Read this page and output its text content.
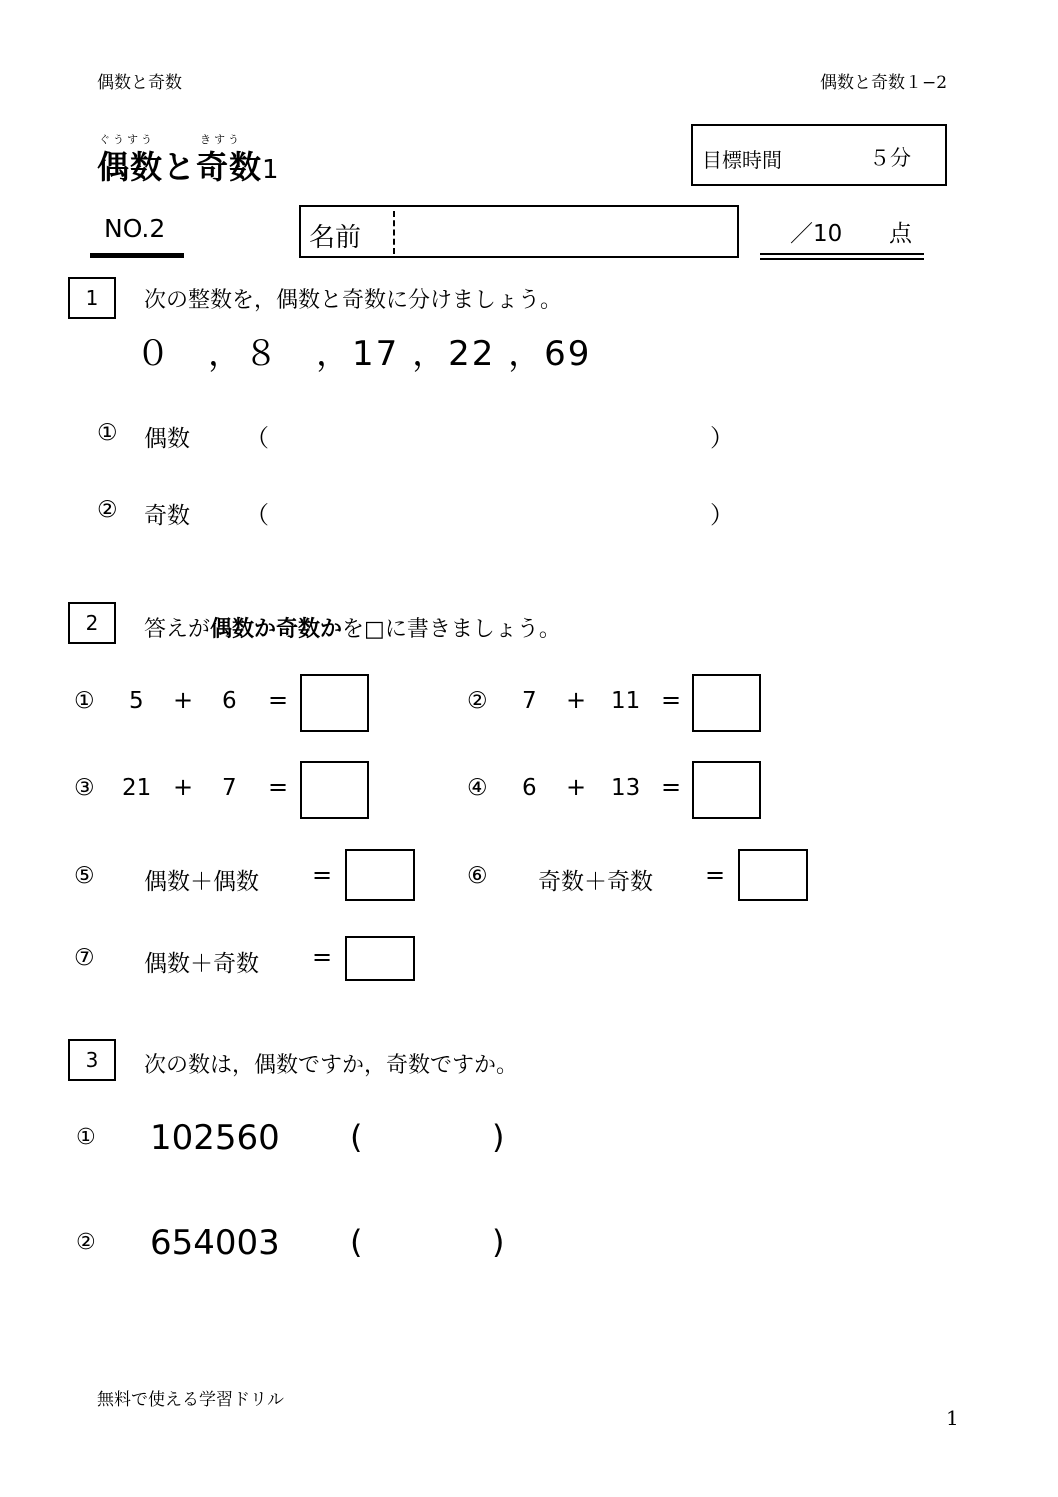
偶数と奇数	偶数と奇数１−2
ぐうすう	きすう
偶数と奇数1	目標時間	５分
NO.2	名前	／10 点
1	次の整数を，偶数と奇数に分けましょう。
０　，８　，17 ，22 ，69
① 偶数 （	）
② 奇数 （	）
2	答えが偶数か奇数かを□に書きましょう。
① 5 + 6 =	② 7 + 11 =
③ 21 + 7 =	④ 6 + 13 =
⑤ 偶数＋偶数 =	⑥ 奇数＋奇数 =
⑦ 偶数＋奇数 =
3	次の数は，偶数ですか，奇数ですか。
① 102560 (	)
② 654003 (	)
無料で使える学習ドリル
1
